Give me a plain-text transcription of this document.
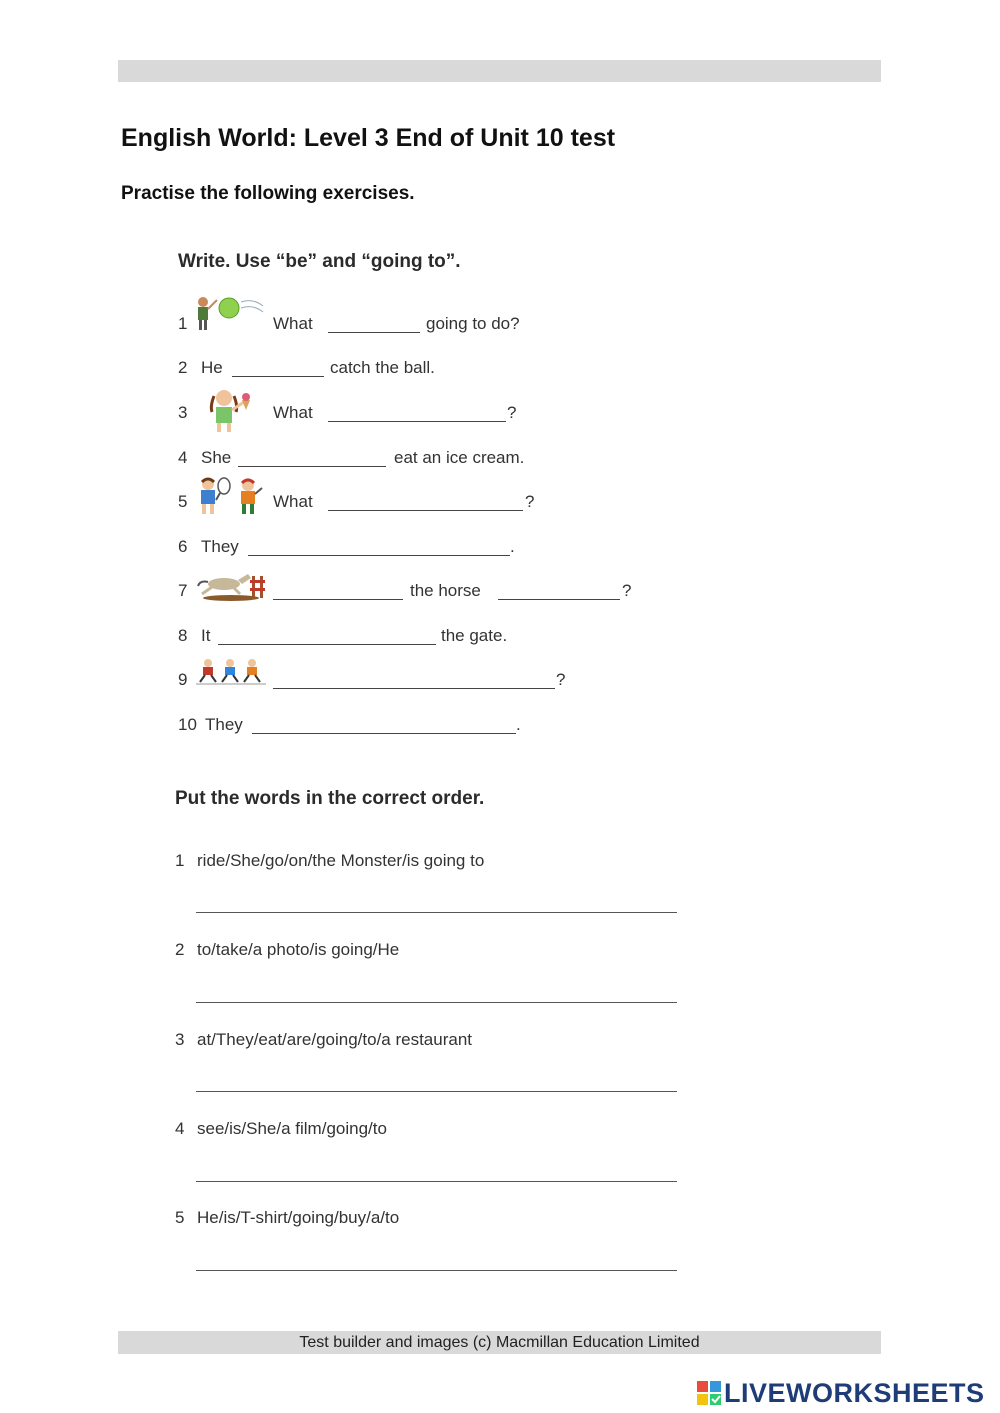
English World: Level 3 End of Unit 10 test
Practise the following exercises.
Write. Use “be” and “going to”.
1	What	going to do?
2 He	catch the ball.
3	What	?
4 She	eat an ice cream.
5	What	?
6 They	.
7	the horse	?
8 It	the gate.
9	?
10 They	.
Put the words in the correct order.
1 ride/She/go/on/the Monster/is going to
2 to/take/a photo/is going/He
3 at/They/eat/are/going/to/a restaurant
4 see/is/She/a film/going/to
5 He/is/T-shirt/going/buy/a/to
Test builder and images (c) Macmillan Education Limited
LIVEWORKSHEETS
